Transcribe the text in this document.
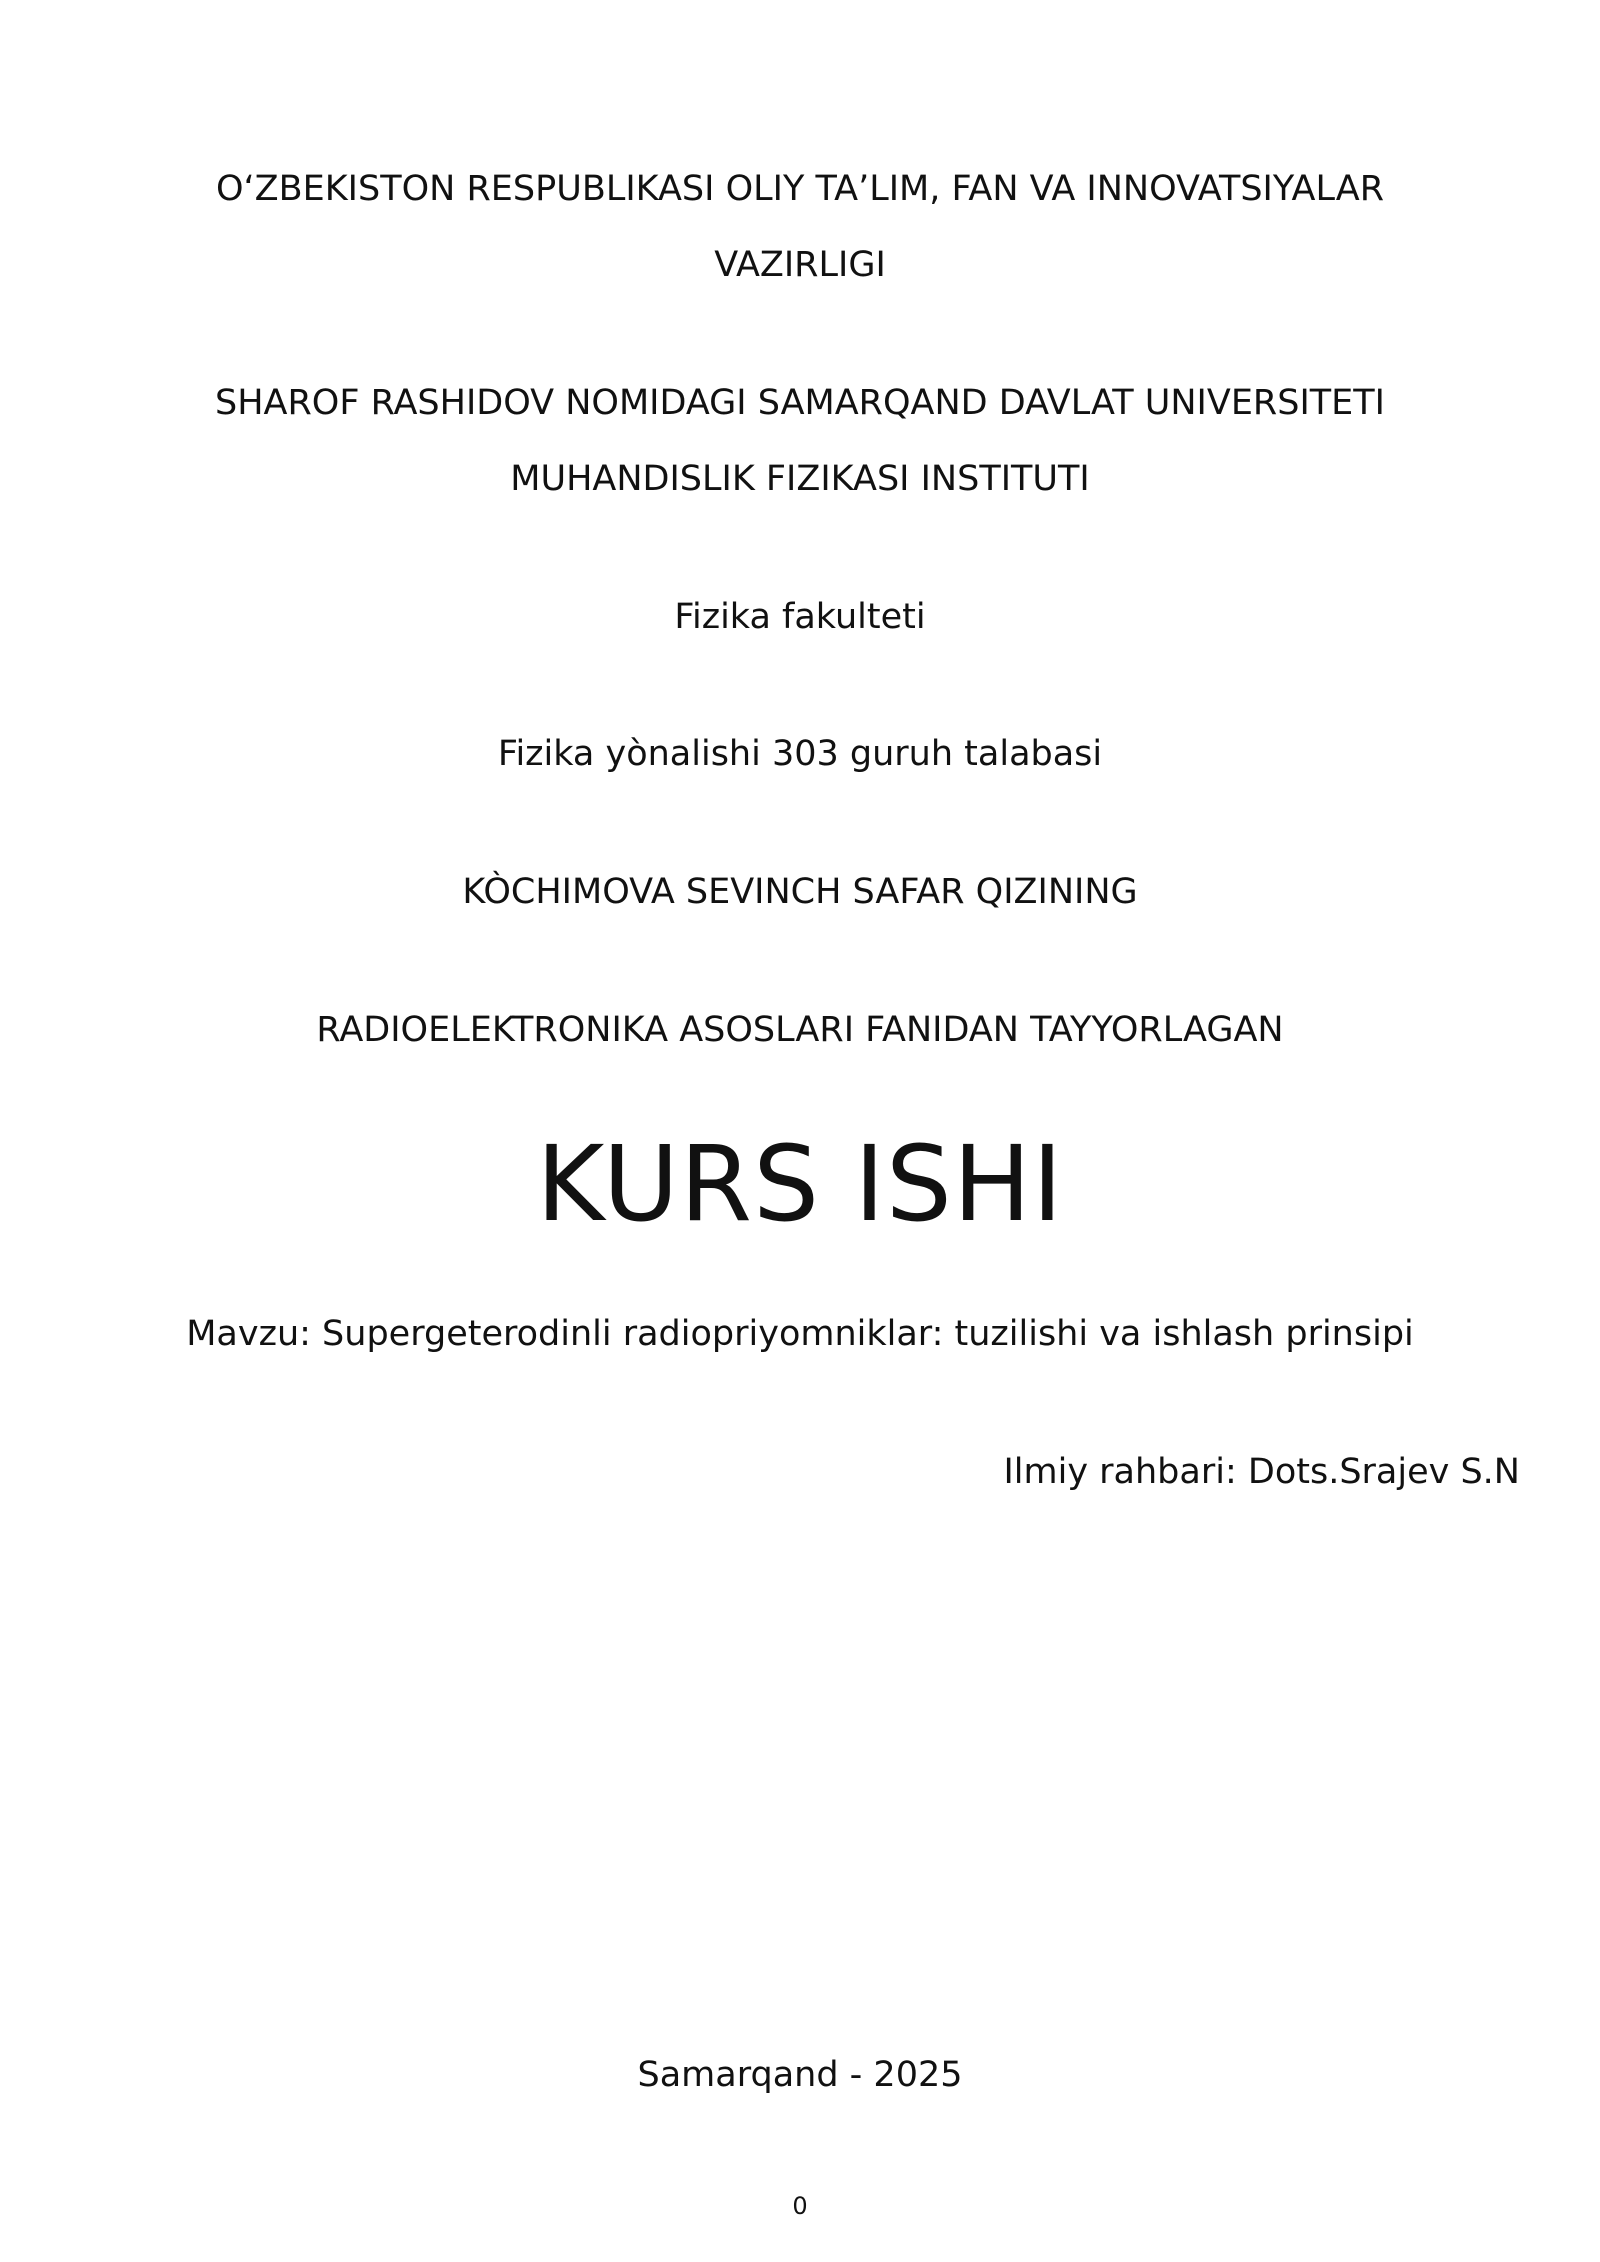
O‘ZBEKISTON RESPUBLIKASI OLIY TA’LIM, FAN VA INNOVATSIYALAR
VAZIRLIGI
SHAROF RASHIDOV NOMIDAGI SAMARQAND DAVLAT UNIVERSITETI
MUHANDISLIK FIZIKASI INSTITUTI
Fizika fakulteti
Fizika yònalishi 303 guruh talabasi
KÒCHIMOVA SEVINCH SAFAR QIZINING
RADIOELEKTRONIKA ASOSLARI FANIDAN TAYYORLAGAN
KURS ISHI
Mavzu: Supergeterodinli radiopriyomniklar: tuzilishi va ishlash prinsipi
Ilmiy rahbari: Dots.Srajev S.N
Samarqand - 2025
0
